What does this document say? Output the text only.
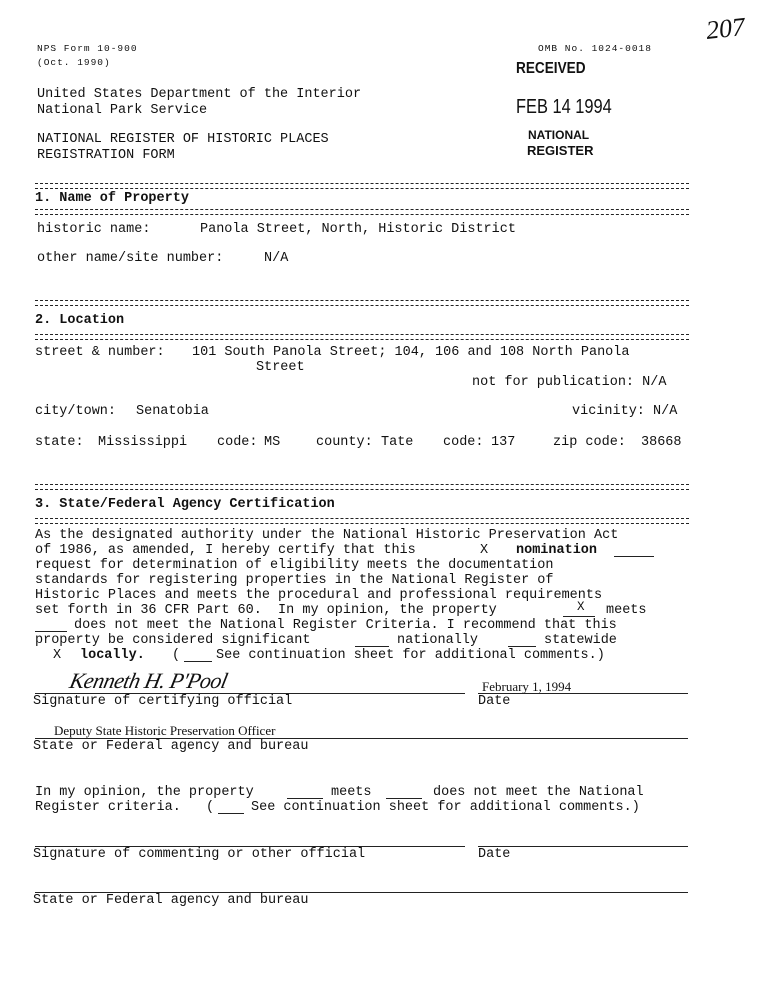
NPS Form 10-900
(Oct. 1990)
OMB No. 1024-0018
207
United States Department of the Interior
National Park Service
NATIONAL REGISTER OF HISTORIC PLACES
REGISTRATION FORM
RECEIVED
FEB 14 1994
NATIONAL
REGISTER
1. Name of Property
historic name:	Panola Street, North, Historic District
other name/site number:	N/A
2. Location
street & number: 101 South Panola Street; 104, 106 and 108 North Panola
Street
not for publication: N/A
city/town: Senatobia	vicinity: N/A
state: Mississippi code: MS	county: Tate code: 137	zip code: 38668
3. State/Federal Agency Certification
As the designated authority under the National Historic Preservation Act
of 1986, as amended, I hereby certify that this	X nomination
request for determination of eligibility meets the documentation
standards for registering properties in the National Register of
Historic Places and meets the procedural and professional requirements
set forth in 36 CFR Part 60.  In my opinion, the property	X meets
does not meet the National Register Criteria. I recommend that this
property be considered significant	nationally	statewide
X locally. (	See continuation sheet for additional comments.)
Kenneth H. P'Pool	February 1, 1994
Signature of certifying official	Date
Deputy State Historic Preservation Officer
State or Federal agency and bureau
In my opinion, the property	meets	does not meet the National
Register criteria. (	See continuation sheet for additional comments.)
Signature of commenting or other official	Date
State or Federal agency and bureau
